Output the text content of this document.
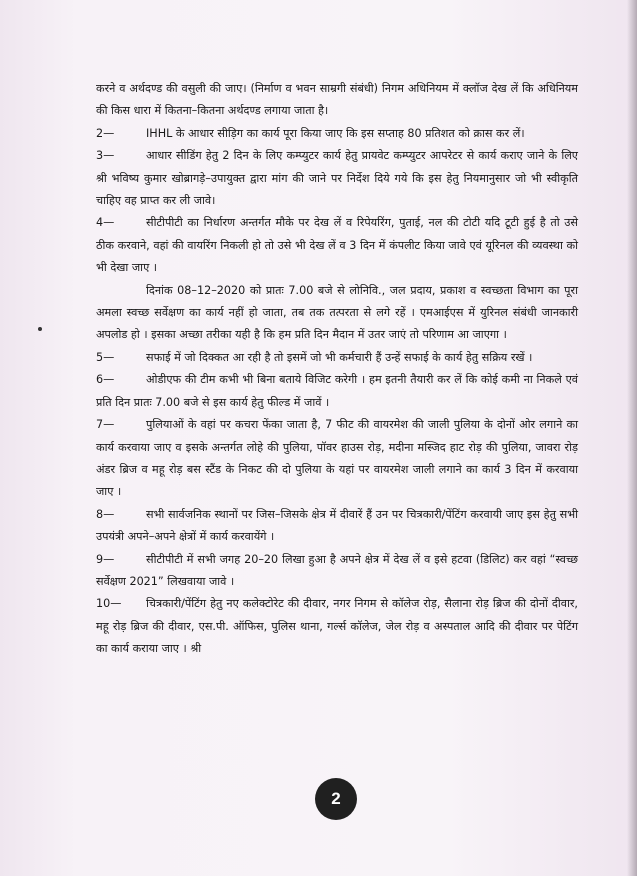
करने व अर्थदण्ड की वसुली की जाए। (निर्माण व भवन साम्रगी संबंधी) निगम अधिनियम में क्लॉज देख लें कि अधिनियम की किस धारा में कितना–कितना अर्थदण्ड लगाया जाता है।

2—	IHHL के आधार सीड़िग का कार्य पूरा किया जाए कि इस सप्ताह 80 प्रतिशत को क्रास कर लें।

3—	आधार सीडिंग हेतु 2 दिन के लिए कम्प्युटर कार्य हेतु प्रायवेट कम्प्युटर आपरेटर से कार्य कराए जाने के लिए श्री भविष्य कुमार खोब्रागड़े–उपायुक्त द्वारा मांग की जाने पर निर्देश दिये गये कि इस हेतु नियमानुसार जो भी स्वीकृति चाहिए वह प्राप्त कर ली जावे।

4—	सीटीपीटी का निर्धारण अन्तर्गत मौके पर देख लें व रिपेयरिंग, पुताई, नल की टोटी यदि टूटी हुई है तो उसे ठीक करवाने, वहां की वायरिंग निकली हो तो उसे भी देख लें व 3 दिन में कंपलीट किया जावे एवं यूरिनल की व्यवस्था को भी देखा जाए ।

दिनांक 08–12–2020 को प्रातः 7.00 बजे से लोनिवि., जल प्रदाय, प्रकाश व स्वच्छता विभाग का पूरा अमला स्वच्छ सर्वेक्षण का कार्य नहीं हो जाता, तब तक तत्परता से लगे रहें । एमआईएस में युरिनल संबंधी जानकारी अपलोड हो । इसका अच्छा तरीका यही है कि हम प्रति दिन मैदान में उतर जाएं तो परिणाम आ जाएगा ।

5—	सफाई में जो दिक्कत आ रही है तो इसमें जो भी कर्मचारी हैं उन्हें सफाई के कार्य हेतु सक्रिय रखें ।

6—	ओडीएफ की टीम कभी भी बिना बताये विजिट करेगी । हम इतनी तैयारी कर लें कि कोई कमी ना निकले एवं प्रति दिन प्रातः 7.00 बजे से इस कार्य हेतु फील्ड में जावें ।

7—	पुलियाओं के वहां पर कचरा फेंका जाता है, 7 फीट की वायरमेश की जाली पुलिया के दोनों ओर लगाने का कार्य करवाया जाए व इसके अन्तर्गत लोहे की पुलिया, पॉवर हाउस रोड़, मदीना मस्जिद हाट रोड़ की पुलिया, जावरा रोड़ अंडर ब्रिज व महू रोड़ बस स्टैंड के निकट की दो पुलिया के यहां पर वायरमेश जाली लगाने का कार्य 3 दिन में करवाया जाए ।

8—	सभी सार्वजनिक स्थानों पर जिस–जिसके क्षेत्र में दीवारें हैं उन पर चित्रकारी/पेंटिंग करवायी जाए इस हेतु सभी उपयंत्री अपने–अपने क्षेत्रों में कार्य करवायेंगे ।

9—	सीटीपीटी में सभी जगह 20–20 लिखा हुआ है अपने क्षेत्र में देख लें व इसे हटवा (डिलिट) कर वहां “स्वच्छ सर्वेक्षण 2021” लिखवाया जावे ।

10— चित्रकारी/पेंटिंग हेतु नए कलेक्टोरेट की दीवार, नगर निगम से कॉलेज रोड़, सैलाना रोड़ ब्रिज की दोनों दीवार, महू रोड़ ब्रिज की दीवार, एस.पी. ऑफिस, पुलिस थाना, गर्ल्स कॉलेज, जेल रोड़ व अस्पताल आदि की दीवार पर पेटिंग का कार्य कराया जाए । श्री

2
